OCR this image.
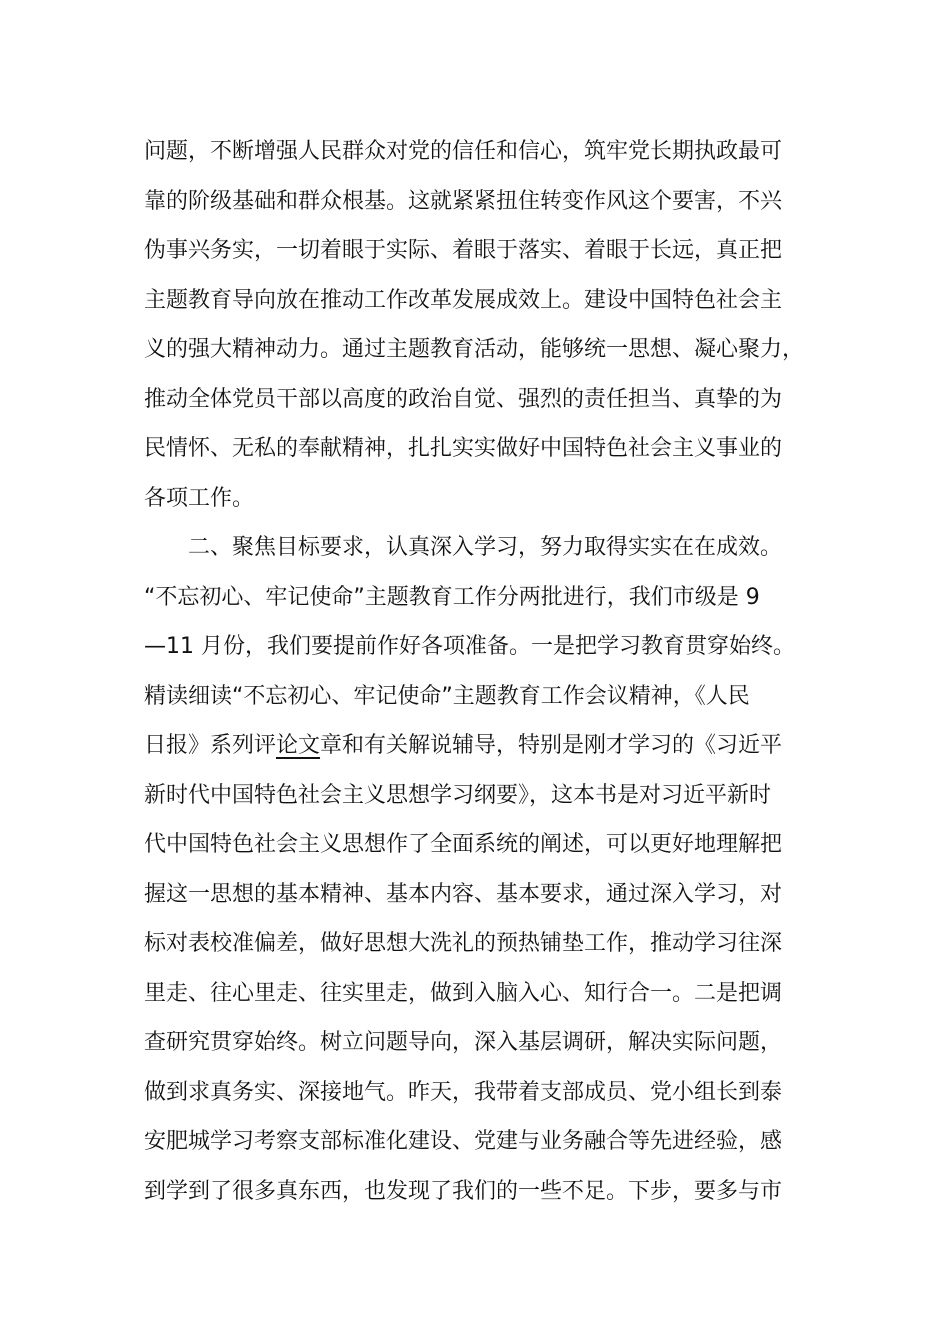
问题，不断增强人民群众对党的信任和信心，筑牢党长期执政最可
靠的阶级基础和群众根基。这就紧紧扭住转变作风这个要害，不兴
伪事兴务实，一切着眼于实际、着眼于落实、着眼于长远，真正把
主题教育导向放在推动工作改革发展成效上。建设中国特色社会主
义的强大精神动力。通过主题教育活动，能够统一思想、凝心聚力，
推动全体党员干部以高度的政治自觉、强烈的责任担当、真挚的为
民情怀、无私的奉献精神，扎扎实实做好中国特色社会主义事业的
各项工作。
二、聚焦目标要求，认真深入学习，努力取得实实在在成效。
“不忘初心、牢记使命”主题教育工作分两批进行，我们市级是 9
—11 月份，我们要提前作好各项准备。一是把学习教育贯穿始终。
精读细读“不忘初心、牢记使命”主题教育工作会议精神，《人民
日报》系列评论文章和有关解说辅导，特别是刚才学习的《习近平
新时代中国特色社会主义思想学习纲要》，这本书是对习近平新时
代中国特色社会主义思想作了全面系统的阐述，可以更好地理解把
握这一思想的基本精神、基本内容、基本要求，通过深入学习，对
标对表校准偏差，做好思想大洗礼的预热铺垫工作，推动学习往深
里走、往心里走、往实里走，做到入脑入心、知行合一。二是把调
查研究贯穿始终。树立问题导向，深入基层调研，解决实际问题，
做到求真务实、深接地气。昨天，我带着支部成员、党小组长到泰
安肥城学习考察支部标准化建设、党建与业务融合等先进经验，感
到学到了很多真东西，也发现了我们的一些不足。下步，要多与市
